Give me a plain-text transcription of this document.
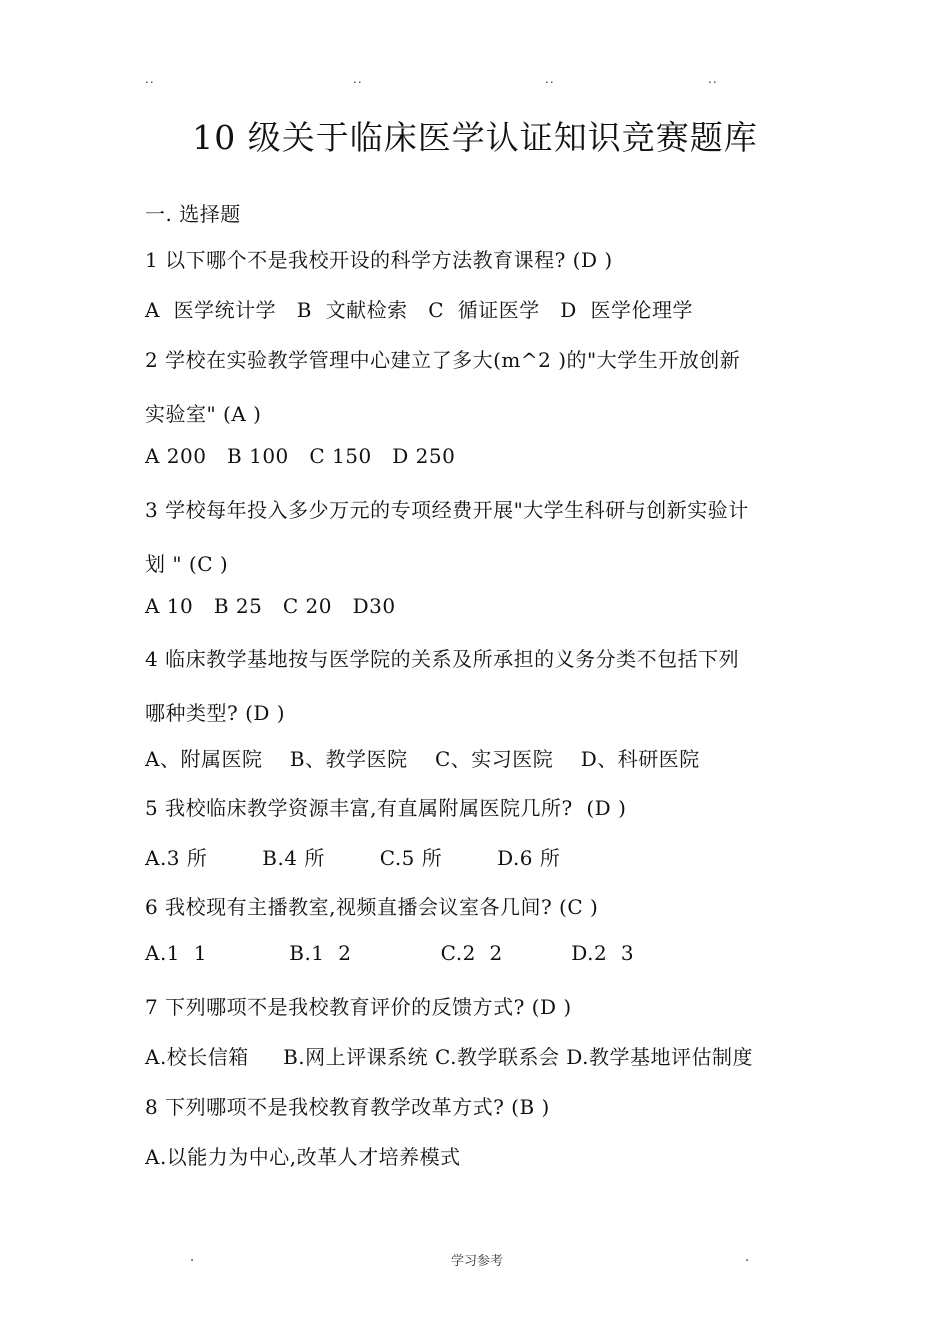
..	..	..	..
10 级关于临床医学认证知识竞赛题库
一. 选择题
1 以下哪个不是我校开设的科学方法教育课程? (D )
A  医学统计学   B  文献检索   C  循证医学   D  医学伦理学
2 学校在实验教学管理中心建立了多大(m^2 )的"大学生开放创新
实验室" (A )
A 200   B 100   C 150   D 250
3 学校每年投入多少万元的专项经费开展"大学生科研与创新实验计
划 " (C )
A 10   B 25   C 20   D30
4 临床教学基地按与医学院的关系及所承担的义务分类不包括下列
哪种类型? (D )
A、附属医院    B、教学医院    C、实习医院    D、科研医院
5 我校临床教学资源丰富,有直属附属医院几所?  (D )
A.3 所        B.4 所        C.5 所        D.6 所
6 我校现有主播教室,视频直播会议室各几间? (C )
A.1  1            B.1  2             C.2  2          D.2  3
7 下列哪项不是我校教育评价的反馈方式? (D )
A.校长信箱     B.网上评课系统 C.教学联系会 D.教学基地评估制度
8 下列哪项不是我校教育教学改革方式? (B )
A.以能力为中心,改革人才培养模式
.	学习参考	.
